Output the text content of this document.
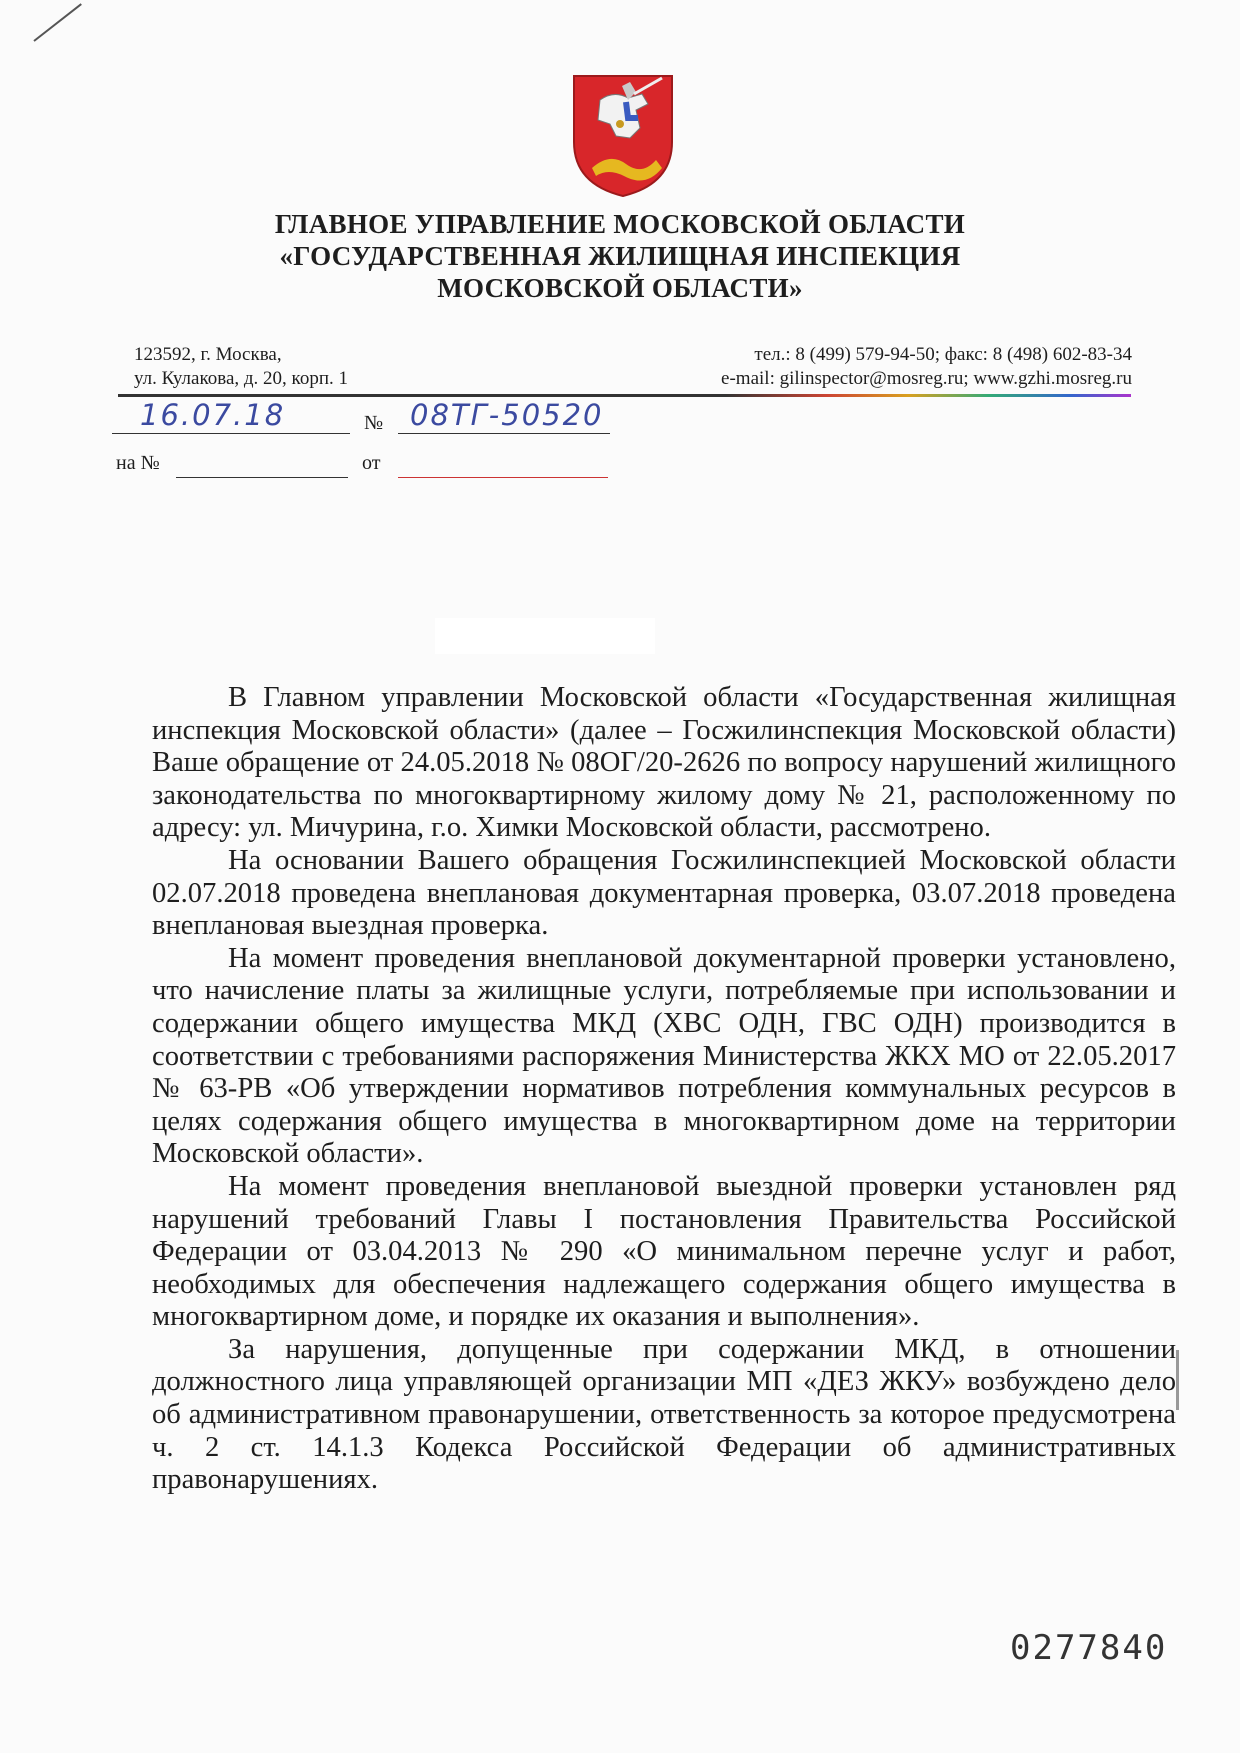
ГЛАВНОЕ УПРАВЛЕНИЕ МОСКОВСКОЙ ОБЛАСТИ
«ГОСУДАРСТВЕННАЯ ЖИЛИЩНАЯ ИНСПЕКЦИЯ
МОСКОВСКОЙ ОБЛАСТИ»
123592, г. Москва,
ул. Кулакова, д. 20, корп. 1
тел.: 8 (499) 579-94-50; факс: 8 (498) 602-83-34
e-mail: gilinspector@mosreg.ru; www.gzhi.mosreg.ru
16.07.18	№ 08ТГ-50520
на №	от

В Главном управлении Московской области «Государственная жилищная инспекция Московской области» (далее – Госжилинспекция Московской области) Ваше обращение от 24.05.2018 № 08ОГ/20-2626 по вопросу нарушений жилищного законодательства по многоквартирному жилому дому № 21, расположенному по адресу: ул. Мичурина, г.о. Химки Московской области, рассмотрено.

На основании Вашего обращения Госжилинспекцией Московской области 02.07.2018 проведена внеплановая документарная проверка, 03.07.2018 проведена внеплановая выездная проверка.

На момент проведения внеплановой документарной проверки установлено, что начисление платы за жилищные услуги, потребляемые при использовании и содержании общего имущества МКД (ХВС ОДН, ГВС ОДН) производится в соответствии с требованиями распоряжения Министерства ЖКХ МО от 22.05.2017 № 63-РВ «Об утверждении нормативов потребления коммунальных ресурсов в целях содержания общего имущества в многоквартирном доме на территории Московской области».

На момент проведения внеплановой выездной проверки установлен ряд нарушений требований Главы I постановления Правительства Российской Федерации от 03.04.2013 № 290 «О минимальном перечне услуг и работ, необходимых для обеспечения надлежащего содержания общего имущества в многоквартирном доме, и порядке их оказания и выполнения».

За нарушения, допущенные при содержании МКД, в отношении должностного лица управляющей организации МП «ДЕЗ ЖКУ» возбуждено дело об административном правонарушении, ответственность за которое предусмотрена ч. 2 ст. 14.1.3 Кодекса Российской Федерации об административных правонарушениях.

0277840
